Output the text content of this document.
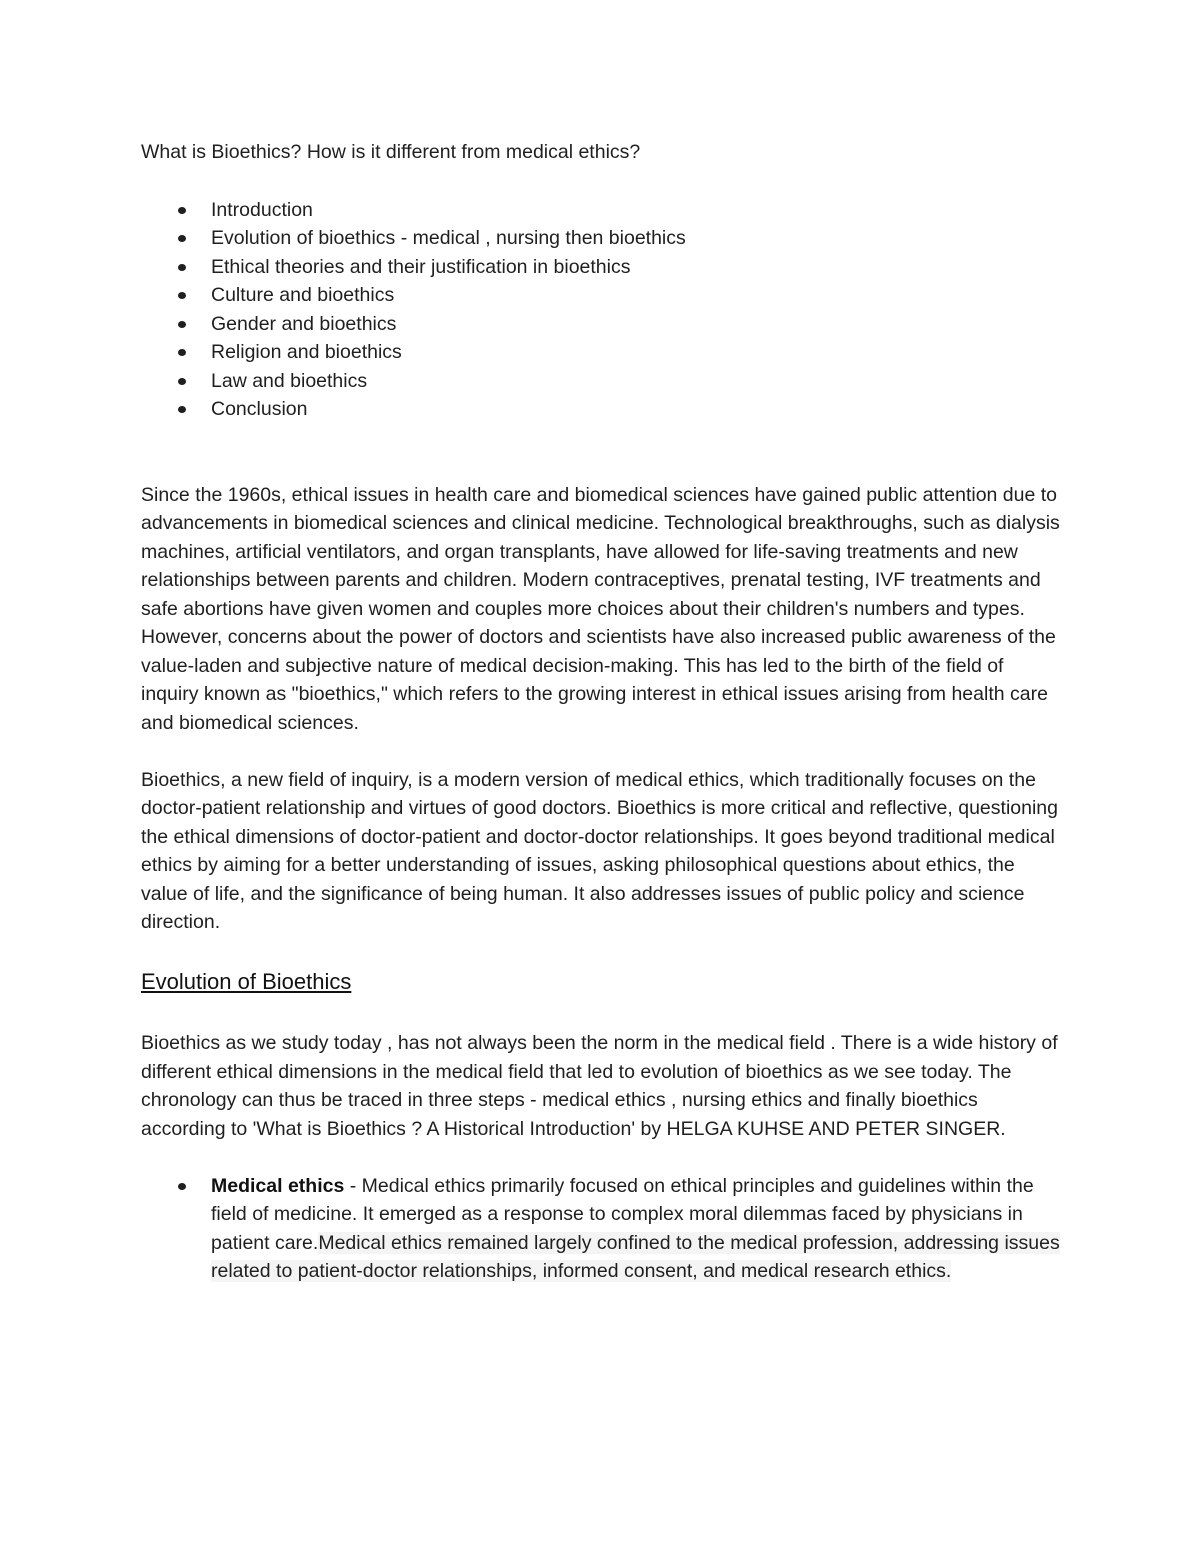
What is Bioethics? How is it different from medical ethics?

Introduction
Evolution of bioethics - medical , nursing then bioethics
Ethical theories and their justification in bioethics
Culture and bioethics
Gender and bioethics
Religion and bioethics
Law and bioethics
Conclusion

Since the 1960s, ethical issues in health care and biomedical sciences have gained public attention due to advancements in biomedical sciences and clinical medicine. Technological breakthroughs, such as dialysis machines, artificial ventilators, and organ transplants, have allowed for life-saving treatments and new relationships between parents and children. Modern contraceptives, prenatal testing, IVF treatments and safe abortions have given women and couples more choices about their children's numbers and types. However, concerns about the power of doctors and scientists have also increased public awareness of the value-laden and subjective nature of medical decision-making. This has led to the birth of the field of inquiry known as "bioethics," which refers to the growing interest in ethical issues arising from health care and biomedical sciences.

Bioethics, a new field of inquiry, is a modern version of medical ethics, which traditionally focuses on the doctor-patient relationship and virtues of good doctors. Bioethics is more critical and reflective, questioning the ethical dimensions of doctor-patient and doctor-doctor relationships. It goes beyond traditional medical ethics by aiming for a better understanding of issues, asking philosophical questions about ethics, the value of life, and the significance of being human. It also addresses issues of public policy and science direction.

Evolution of Bioethics

Bioethics as we study today , has not always been the norm in the medical field . There is a wide history of different ethical dimensions in the medical field that led to evolution of bioethics as we see today. The chronology can thus be traced in three steps - medical ethics , nursing ethics and finally bioethics according to 'What is Bioethics ? A Historical Introduction' by HELGA KUHSE AND PETER SINGER.

Medical ethics - Medical ethics primarily focused on ethical principles and guidelines within the field of medicine. It emerged as a response to complex moral dilemmas faced by physicians in patient care.Medical ethics remained largely confined to the medical profession, addressing issues related to patient-doctor relationships, informed consent, and medical research ethics.
